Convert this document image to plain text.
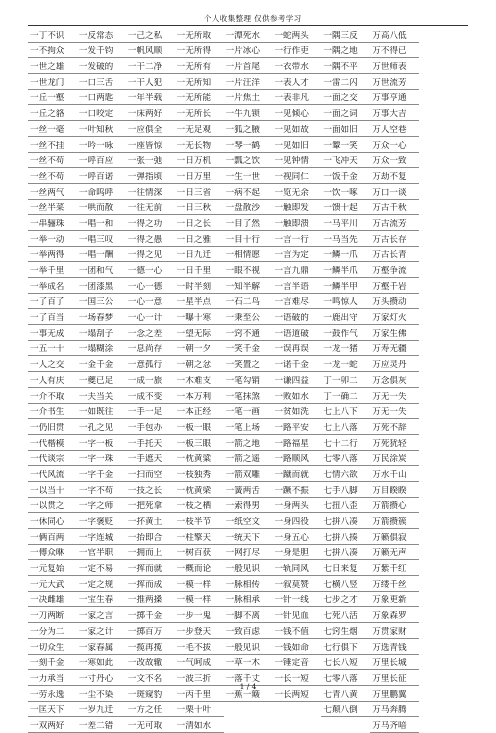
个人收集整理 仅供参考学习
一丁不识
一不拘众
一世之雄
一世龙门
一丘一壑
一丘之貉
一丝一毫
一丝不挂
一丝不苟
一丝不苟
一丝两气
一丝半菜
一串骊珠
一举一动
一举两得
一举千里
一举成名
一了百了
一了百当
一事无成
一五一十
一人之交
一人有庆
一介不取
一介书生
一仍旧贯
一代楷模
一代谈宗
一代风流
一以当十
一以贯之
一休同心
一俩百两
一傅众咻
一元复始
一元大武
一决雌雄
一刀两断
一分为二
一切众生
一刻千金
一力承当
一劳永逸
一匡天下
一双两好
一反常态
一发千钧
一发破的
一口三舌
一口两匙
一口咬定
一叶知秋
一吟一咏
一呼百应
一呼百诺
一命呜呼
一哄而散
一唱一和
一唱三叹
一唱一酬
一团和气
一团漆黑
一国三公
一场春梦
一塌刮子
一塌糊涂
一金千金
一夔已足
一夫当关
一如既往
一孔之见
一字一板
一字一珠
一字千金
一字不苟
一字之师
一字褒贬
一字连城
一官半职
一定不易
一定之规
一宝生春
一家之言
一家之计
一家春属
一寒如此
一寸丹心
一尘不染
一岁九迁
一差二错
一己之私
一帆风顺
一干二净
一干人犯
一年半载
一床两好
一应俱全
一座皆惊
一张一弛
一弹指顷
一往情深
一往无前
一得之功
一得之愚
一得之见
一德一心
一心一德
一心一意
一心一计
一念之差
一息尚存
一意孤行
一成一旅
一成不变
一手一足
一手包办
一手托天
一手遮天
一扫而空
一技之长
一把死拿
一抔黄土
一抬即合
一拥而上
一挥而就
一挥而成
一推两搡
一掷千金
一掷百万
一揽再揽
一改故辙
一文不名
一斑窥豹
一方之任
一无可取
一无所取
一无所得
一无所有
一无所知
一无所能
一无所长
一无足观
一无长物
一日万机
一日万里
一日三省
一日三秋
一日之长
一日之雅
一日九迁
一日千里
一时半刻
一星半点
一曝十寒
一望无际
一朝一夕
一朝之忿
一木难支
一本万利
一本正经
一板一眼
一板三眼
一枕黄粱
一枝独秀
一枕黄梁
一枝之栖
一枝半节
一柱擎天
一树百获
一概而论
一模一样
一模一样
一步一鬼
一步登天
一毛不拔
一气呵成
一波三折
一丙千里
一栗十叶
一清如水
一潭死水
一片冰心
一片首尾
一片汪洋
一片焦土
一牛九锁
一狐之腋
一琴一鹤
一瓢之饮
一生一世
一病不起
一盘散沙
一目了然
一目十行
一相情愿
一眼不视
一知半解
一石二鸟
一秉至公
一窍不通
一笑千金
一笑置之
一笔勾销
一笔抹煞
一笔一画
一笔上场
一箭之地
一箭之遥
一箭双雕
一簧两舌
一索得男
一纸空文
一统天下
一网打尽
一般见识
一脉相传
一脉相承
一脚不离
一致百虑
一般见识
一草一木
一落千丈
一蕉一簸
一蛇两头
一行作吏
一衣带水
一表人才
一表非凡
一见倾心
一见如故
一见如旧
一见钟情
一视同仁
一览无余
一触即发
一触即溃
一言一行
一言为定
一言九鼎
一言半语
一言难尽
一语破的
一语道破
一误再误
一诺千金
一谦四益
一败如水
一贫如洗
一路平安
一路福星
一路顺风
一蹴而就
一蹶不振
一身两头
一身四役
一身五心
一身是胆
一轨同风
一叙莫赞
一针一线
一针见血
一钱不值
一钱如命
一锤定音
一长一短
一长两短
一隅三反
一隅之地
一隅不平
一雷二闪
一面之交
一面之词
一面如旧
一颦一笑
一飞冲天
一饭千金
一饮一啄
一馈十起
一马平川
一马当先
一鳞一爪
一鳞半爪
一鳞半甲
一鸣惊人
一鹿出守
一鼓作气
一龙一猪
一龙一蛇
丁一卯二
丁一确二
七上八下
七上八落
七十二行
七零八落
七情六欲
七手八脚
七扭八歪
七拼八凑
七拼八揍
七拼八凑
七日来复
七横八竖
七步之才
七死八活
七窍生烟
七行俱下
七长八短
七零八落
七青八黄
七颠八倒
万高八低
万不得已
万世师表
万世流芳
万事亨通
万事大吉
万人空巷
万众一心
万众一致
万劫不复
万口一谈
万古千秋
万古流芳
万古长存
万古长青
万壑争流
万壑千岩
万头攒动
万家灯火
万家生佛
万寿无疆
万应灵丹
万念俱灰
万无一失
万无一失
万死不辞
万死犹轻
万民涂炭
万水千山
万目睽睽
万箭攒心
万箭攒簇
万籁俱寂
万籁无声
万紫千红
万缕千丝
万象更新
万象森罗
万贯家财
万选青钱
万里长城
万里长征
万里鹏翼
万马奔腾
万马齐喑
1 / 4
